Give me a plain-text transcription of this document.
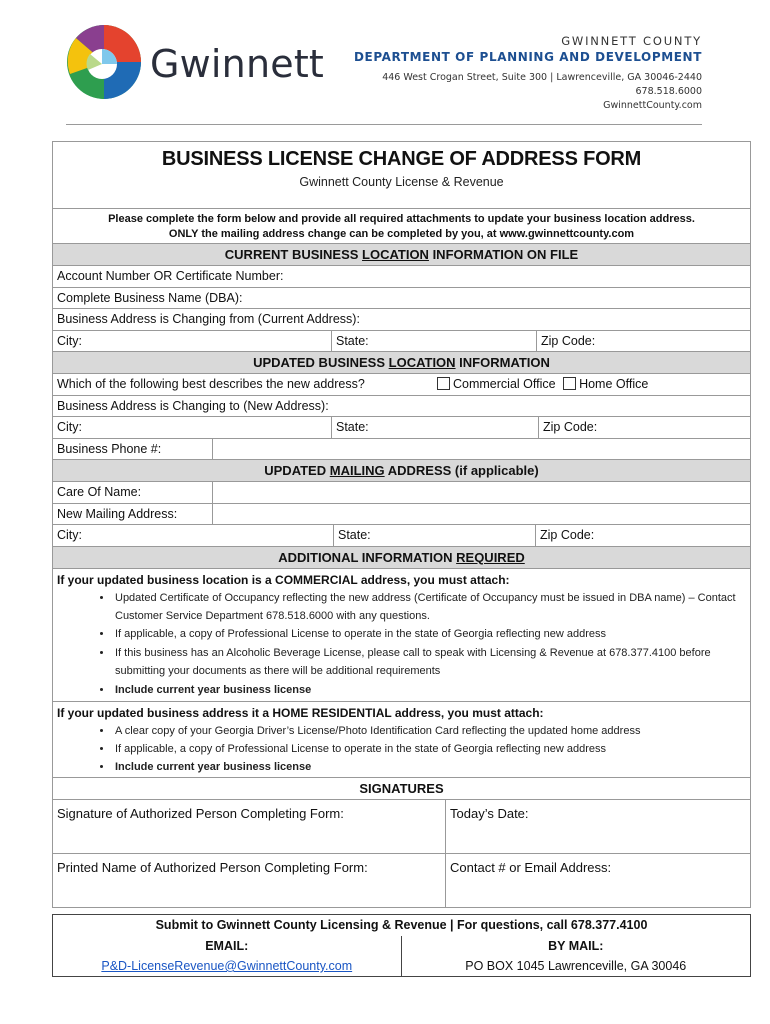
Gwinnett
GWINNETT COUNTY
DEPARTMENT OF PLANNING AND DEVELOPMENT
446 West Crogan Street, Suite 300 | Lawrenceville, GA 30046-2440
678.518.6000
GwinnettCounty.com
BUSINESS LICENSE CHANGE OF ADDRESS FORM
Gwinnett County License & Revenue
Please complete the form below and provide all required attachments to update your business location address.
ONLY the mailing address change can be completed by you, at www.gwinnettcounty.com
CURRENT BUSINESS LOCATION INFORMATION ON FILE
Account Number OR Certificate Number:
Complete Business Name (DBA):
Business Address is Changing from (Current Address):
City:	State:	Zip Code:
UPDATED BUSINESS LOCATION INFORMATION
Which of the following best describes the new address?	Commercial Office Home Office
Business Address is Changing to (New Address):
City:	State:	Zip Code:
Business Phone #:
UPDATED MAILING ADDRESS (if applicable)
Care Of Name:
New Mailing Address:
City:	State:	Zip Code:
ADDITIONAL INFORMATION REQUIRED
If your updated business location is a COMMERCIAL address, you must attach:
• Updated Certificate of Occupancy reflecting the new address (Certificate of Occupancy must be issued in DBA name) – Contact Customer Service Department 678.518.6000 with any questions.
• If applicable, a copy of Professional License to operate in the state of Georgia reflecting new address
• If this business has an Alcoholic Beverage License, please call to speak with Licensing & Revenue at 678.377.4100 before submitting your documents as there will be additional requirements
• Include current year business license
If your updated business address it a HOME RESIDENTIAL address, you must attach:
• A clear copy of your Georgia Driver’s License/Photo Identification Card reflecting the updated home address
• If applicable, a copy of Professional License to operate in the state of Georgia reflecting new address
• Include current year business license
SIGNATURES
Signature of Authorized Person Completing Form:	Today’s Date:
Printed Name of Authorized Person Completing Form:	Contact # or Email Address:
Submit to Gwinnett County Licensing & Revenue | For questions, call 678.377.4100
EMAIL:
P&D-LicenseRevenue@GwinnettCounty.com
BY MAIL:
PO BOX 1045 Lawrenceville, GA 30046
